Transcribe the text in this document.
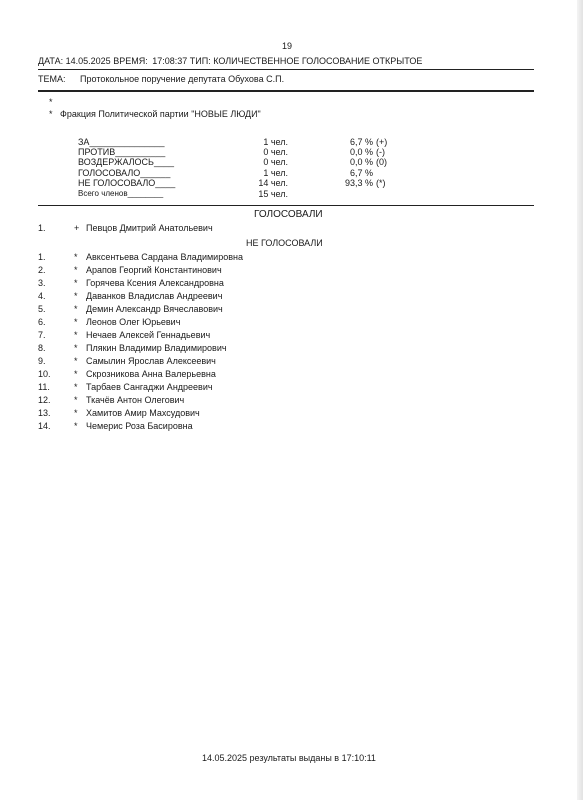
19
ДАТА: 14.05.2025 ВРЕМЯ: 17:08:37 ТИП: КОЛИЧЕСТВЕННОЕ ГОЛОСОВАНИЕ ОТКРЫТОЕ
ТЕМА: Протокольное поручение депутата Обухова С.П.
*
* Фракция Политической партии "НОВЫЕ ЛЮДИ"
ЗА_______________	1 чел.	6,7 % (+)
ПРОТИВ__________	0 чел.	0,0 % (-)
ВОЗДЕРЖАЛОСЬ____	0 чел.	0,0 % (0)
ГОЛОСОВАЛО______	1 чел.	6,7 %
НЕ ГОЛОСОВАЛО____	14 чел.	93,3 % (*)
Всего членов________	15 чел.
ГОЛОСОВАЛИ
1.	+ Певцов Дмитрий Анатольевич
НЕ ГОЛОСОВАЛИ
1.	* Авксентьева Сардана Владимировна
2.	* Арапов Георгий Константинович
3.	* Горячева Ксения Александровна
4.	* Даванков Владислав Андреевич
5.	* Демин Александр Вячеславович
6.	* Леонов Олег Юрьевич
7.	* Нечаев Алексей Геннадьевич
8.	* Плякин Владимир Владимирович
9.	* Самылин Ярослав Алексеевич
10.	* Скрозникова Анна Валерьевна
11.	* Тарбаев Сангаджи Андреевич
12.	* Ткачёв Антон Олегович
13.	* Хамитов Амир Махсудович
14.	* Чемерис Роза Басировна
14.05.2025 результаты выданы в 17:10:11
